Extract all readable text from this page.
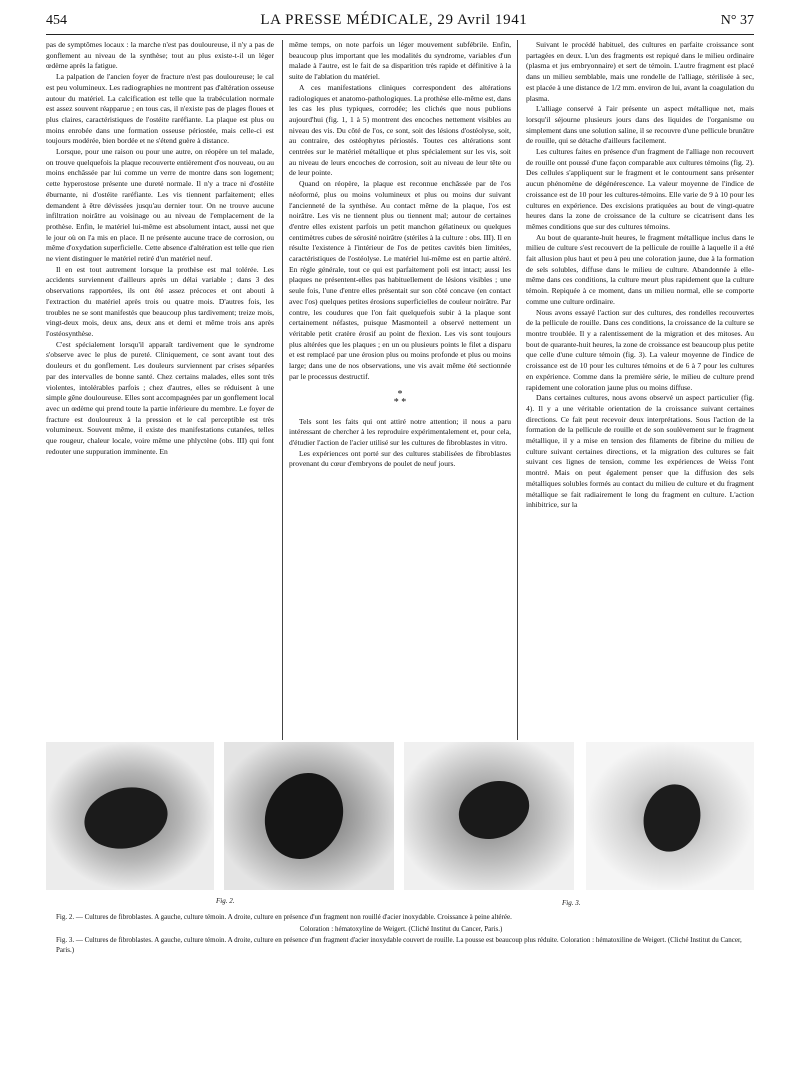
454	LA PRESSE MÉDICALE, 29 Avril 1941	N° 37

pas de symptômes locaux : la marche n'est pas douloureuse, il n'y a pas de gonflement au niveau de la synthèse; tout au plus existe-t-il un léger œdème après la fatigue.

La palpation de l'ancien foyer de fracture n'est pas douloureuse; le cal est peu volumineux. Les radiographies ne montrent pas d'altération osseuse autour du matériel. La calcification est telle que la trabéculation normale est assez souvent réapparue ; en tous cas, il n'existe pas de plages floues et plus claires, caractéristiques de l'ostéite raréfiante. La plaque est plus ou moins enrobée dans une formation osseuse périostée, mais celle-ci est toujours modérée, bien bordée et ne s'étend guère à distance.

Lorsque, pour une raison ou pour une autre, on réopère un tel malade, on trouve quelquefois la plaque recouverte entièrement d'os nouveau, ou au moins enchâssée par lui comme un verre de montre dans son logement; cette hyperostose présente une dureté normale. Il n'y a trace ni d'ostéite éburnante, ni d'ostéite raréfiante. Les vis tiennent parfaitement; elles demandent à être dévissées jusqu'au dernier tour. On ne trouve aucune infiltration noirâtre au voisinage ou au niveau de l'emplacement de la prothèse. Enfin, le matériel lui-même est absolument intact, aussi net que le jour où on l'a mis en place. Il ne présente aucune trace de corrosion, ou même d'oxydation superficielle. Cette absence d'altération est telle que rien ne vient distinguer le matériel retiré d'un matériel neuf.

Il en est tout autrement lorsque la prothèse est mal tolérée. Les accidents surviennent d'ailleurs après un délai variable ; dans 3 des observations rapportées, ils ont été assez précoces et ont abouti à l'extraction du matériel après trois ou quatre mois. D'autres fois, les troubles ne se sont manifestés que beaucoup plus tardivement; treize mois, vingt-deux mois, deux ans, deux ans et demi et même trois ans après l'ostéosynthèse.

C'est spécialement lorsqu'il apparaît tardivement que le syndrome s'observe avec le plus de pureté. Cliniquement, ce sont avant tout des douleurs et du gonflement. Les douleurs surviennent par crises séparées par des intervalles de bonne santé. Chez certains malades, elles sont très violentes, intolérables parfois ; chez d'autres, elles se réduisent à une simple gêne douloureuse. Elles sont accompagnées par un gonflement local avec un œdème qui prend toute la partie inférieure du membre. Le foyer de fracture est douloureux à la pression et le cal perceptible est très volumineux. Souvent même, il existe des manifestations cutanées, telles que rougeur, chaleur locale, voire même une phlyctène (obs. III) qui font redouter une suppuration imminente. En

même temps, on note parfois un léger mouvement subfébrile. Enfin, beaucoup plus important que les modalités du syndrome, variables d'un malade à l'autre, est le fait de sa disparition très rapide et définitive à la suite de l'ablation du matériel.

A ces manifestations cliniques correspondent des altérations radiologiques et anatomo-pathologiques. La prothèse elle-même est, dans les cas les plus typiques, corrodée; les clichés que nous publions aujourd'hui (fig. 1, 1 à 5) montrent des encoches nettement visibles au niveau des vis. Du côté de l'os, ce sont, soit des lésions d'ostéolyse, soit, au contraire, des ostéophytes périostés. Toutes ces altérations sont centrées sur le matériel métallique et plus spécialement sur les vis, soit au niveau de leurs encoches de corrosion, soit au niveau de leur tête ou de leur pointe.

Quand on réopère, la plaque est reconnue enchâssée par de l'os néoformé, plus ou moins volumineux et plus ou moins dur suivant l'ancienneté de la synthèse. Au contact même de la plaque, l'os est noirâtre. Les vis ne tiennent plus ou tiennent mal; autour de certaines d'entre elles existent parfois un petit manchon gélatineux ou quelques centimètres cubes de sérosité noirâtre (stériles à la culture : obs. III). Il en résulte l'existence à l'intérieur de l'os de petites cavités bien limitées, caractéristiques de l'ostéolyse. Le matériel lui-même est en partie altéré. En règle générale, tout ce qui est parfaitement poli est intact; aussi les plaques ne présentent-elles pas habituellement de lésions visibles ; une seule fois, l'une d'entre elles présentait sur son côté concave (en contact avec l'os) quelques petites érosions superficielles de couleur noirâtre. Par contre, les coudures que l'on fait quelquefois subir à la plaque sont certainement néfastes, puisque Masmonteil a observé nettement un véritable petit cratère érosif au point de flexion. Les vis sont toujours plus altérées que les plaques ; en un ou plusieurs points le filet a disparu et est remplacé par une érosion plus ou moins profonde et plus ou moins large; dans une de nos observations, une vis avait même été sectionnée par le processus destructif.

*
* *

Tels sont les faits qui ont attiré notre attention; il nous a paru intéressant de chercher à les reproduire expérimentalement et, pour cela, d'étudier l'action de l'acier utilisé sur les cultures de fibroblastes in vitro.

Les expériences ont porté sur des cultures stabilisées de fibroblastes provenant du cœur d'embryons de poulet de neuf jours.

Suivant le procédé habituel, des cultures en parfaite croissance sont partagées en deux. L'un des fragments est repiqué dans le milieu ordinaire (plasma et jus embryonnaire) et sert de témoin. L'autre fragment est placé dans un milieu semblable, mais une rondelle de l'alliage, stérilisée à sec, est placée à une distance de 1/2 mm. environ de lui, avant la coagulation du plasma.

L'alliage conservé à l'air présente un aspect métallique net, mais lorsqu'il séjourne plusieurs jours dans des liquides de l'organisme ou simplement dans une solution saline, il se recouvre d'une pellicule brunâtre de rouille, qui se détache d'ailleurs facilement.

Les cultures faites en présence d'un fragment de l'alliage non recouvert de rouille ont poussé d'une façon comparable aux cultures témoins (fig. 2). Des cellules s'appliquent sur le fragment et le contournent sans présenter aucun phénomène de dégénérescence. La valeur moyenne de l'indice de croissance est de 10 pour les cultures-témoins. Elle varie de 9 à 10 pour les cultures en expérience. Des excisions pratiquées au bout de vingt-quatre heures dans la zone de croissance de la culture se cicatrisent dans les mêmes conditions que sur des cultures témoins.

Au bout de quarante-huit heures, le fragment métallique inclus dans le milieu de culture s'est recouvert de la pellicule de rouille à laquelle il a été fait allusion plus haut et peu à peu une coloration jaune, due à la formation de sels solubles, diffuse dans le milieu de culture. Abandonnée à elle-même dans ces conditions, la culture meurt plus rapidement que la culture témoin. Repiquée à ce moment, dans un milieu normal, elle se comporte comme une culture ordinaire.

Nous avons essayé l'action sur des cultures, des rondelles recouvertes de la pellicule de rouille. Dans ces conditions, la croissance de la culture se montre troublée. Il y a ralentissement de la migration et des mitoses. Au bout de quarante-huit heures, la zone de croissance est beaucoup plus petite que celle d'une culture témoin (fig. 3). La valeur moyenne de l'indice de croissance est de 10 pour les cultures témoins et de 6 à 7 pour les cultures en expérience. Comme dans la première série, le milieu de culture prend rapidement une coloration jaune plus ou moins diffuse.

Dans certaines cultures, nous avons observé un aspect particulier (fig. 4). Il y a une véritable orientation de la croissance suivant certaines directions. Ce fait peut recevoir deux interprétations. Sous l'action de la formation de la pellicule de rouille et de son soulèvement sur le fragment métallique, il y a mise en tension des filaments de fibrine du milieu de culture suivant certaines directions, et la migration des cultures se fait suivant ces lignes de tension, comme les expériences de Weiss l'ont montré. Mais on peut également penser que la diffusion des sels métalliques solubles formés au contact du milieu de culture et du fragment métallique se fait radiairement le long du fragment en culture. L'action inhibitrice, sur la

Fig. 2.	Fig. 3.

Fig. 2. — Cultures de fibroblastes. A gauche, culture témoin. A droite, culture en présence d'un fragment non rouillé d'acier inoxydable. Croissance à peine altérée.

Coloration : hématoxyline de Weigert. (Cliché Institut du Cancer, Paris.)

Fig. 3. — Cultures de fibroblastes. A gauche, culture témoin. A droite, culture en présence d'un fragment d'acier inoxydable couvert de rouille. La pousse est beaucoup plus réduite. Coloration : hématoxiline de Weigert. (Cliché Institut du Cancer, Paris.)
